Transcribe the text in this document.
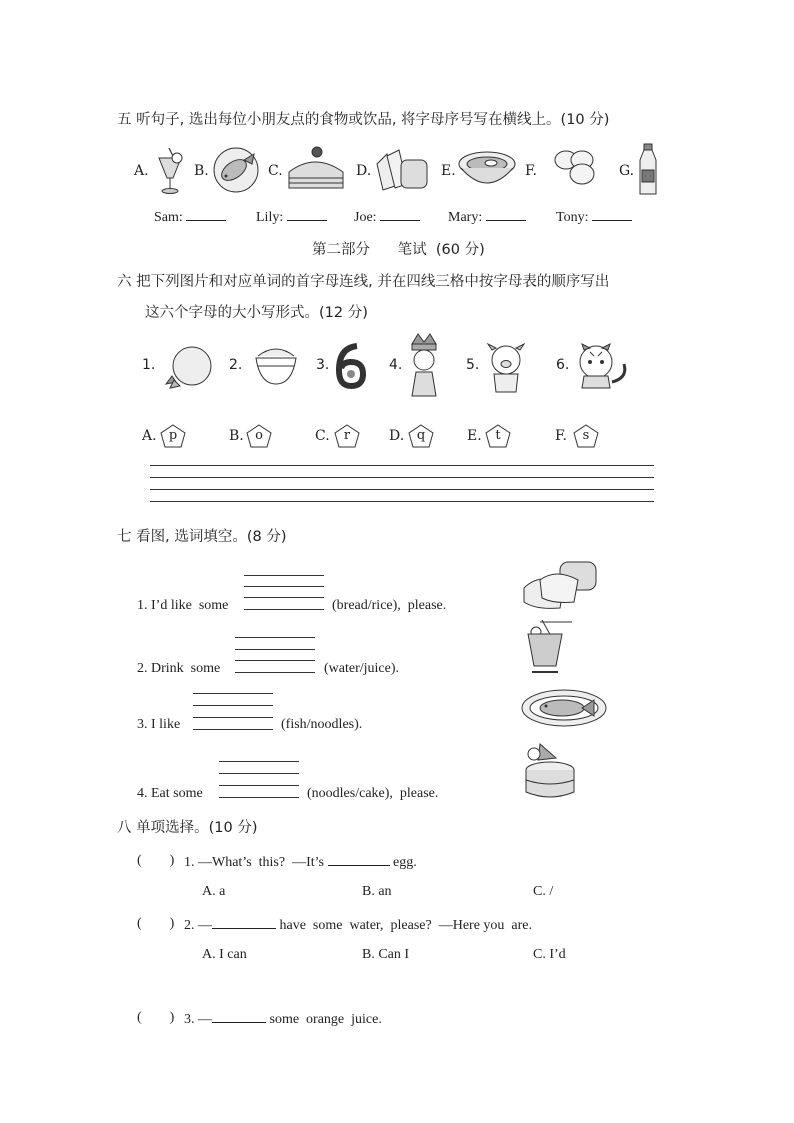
五 听句子, 选出每位小朋友点的食物或饮品, 将字母序号写在横线上。(10 分)
A.	B.	C.	D.	E.	F.	G.
Sam:	Lily:	Joe:	Mary:	Tony:
第二部分      笔试  (60 分)
六 把下列图片和对应单词的首字母连线, 并在四线三格中按字母表的顺序写出
这六个字母的大小写形式。(12 分)
1.	2.	3.	4.	5.	6.
A. p	B. o	C.	r	D. q	E.	t	F.	s
七 看图, 选词填空。(8 分)
1. I’d like  some	(bread/rice),  please.
2. Drink  some	(water/juice).
3. I like	(fish/noodles).
4. Eat some	(noodles/cake),  please.
八 单项选择。(10 分)
(        ) 1. —What’s  this?  —It’s	egg.
A. a	B. an	C. /
(        ) 2. —	have  some  water,  please?  —Here you  are.
A. I can	B. Can I	C. I’d
(        ) 3. —	some  orange  juice.
